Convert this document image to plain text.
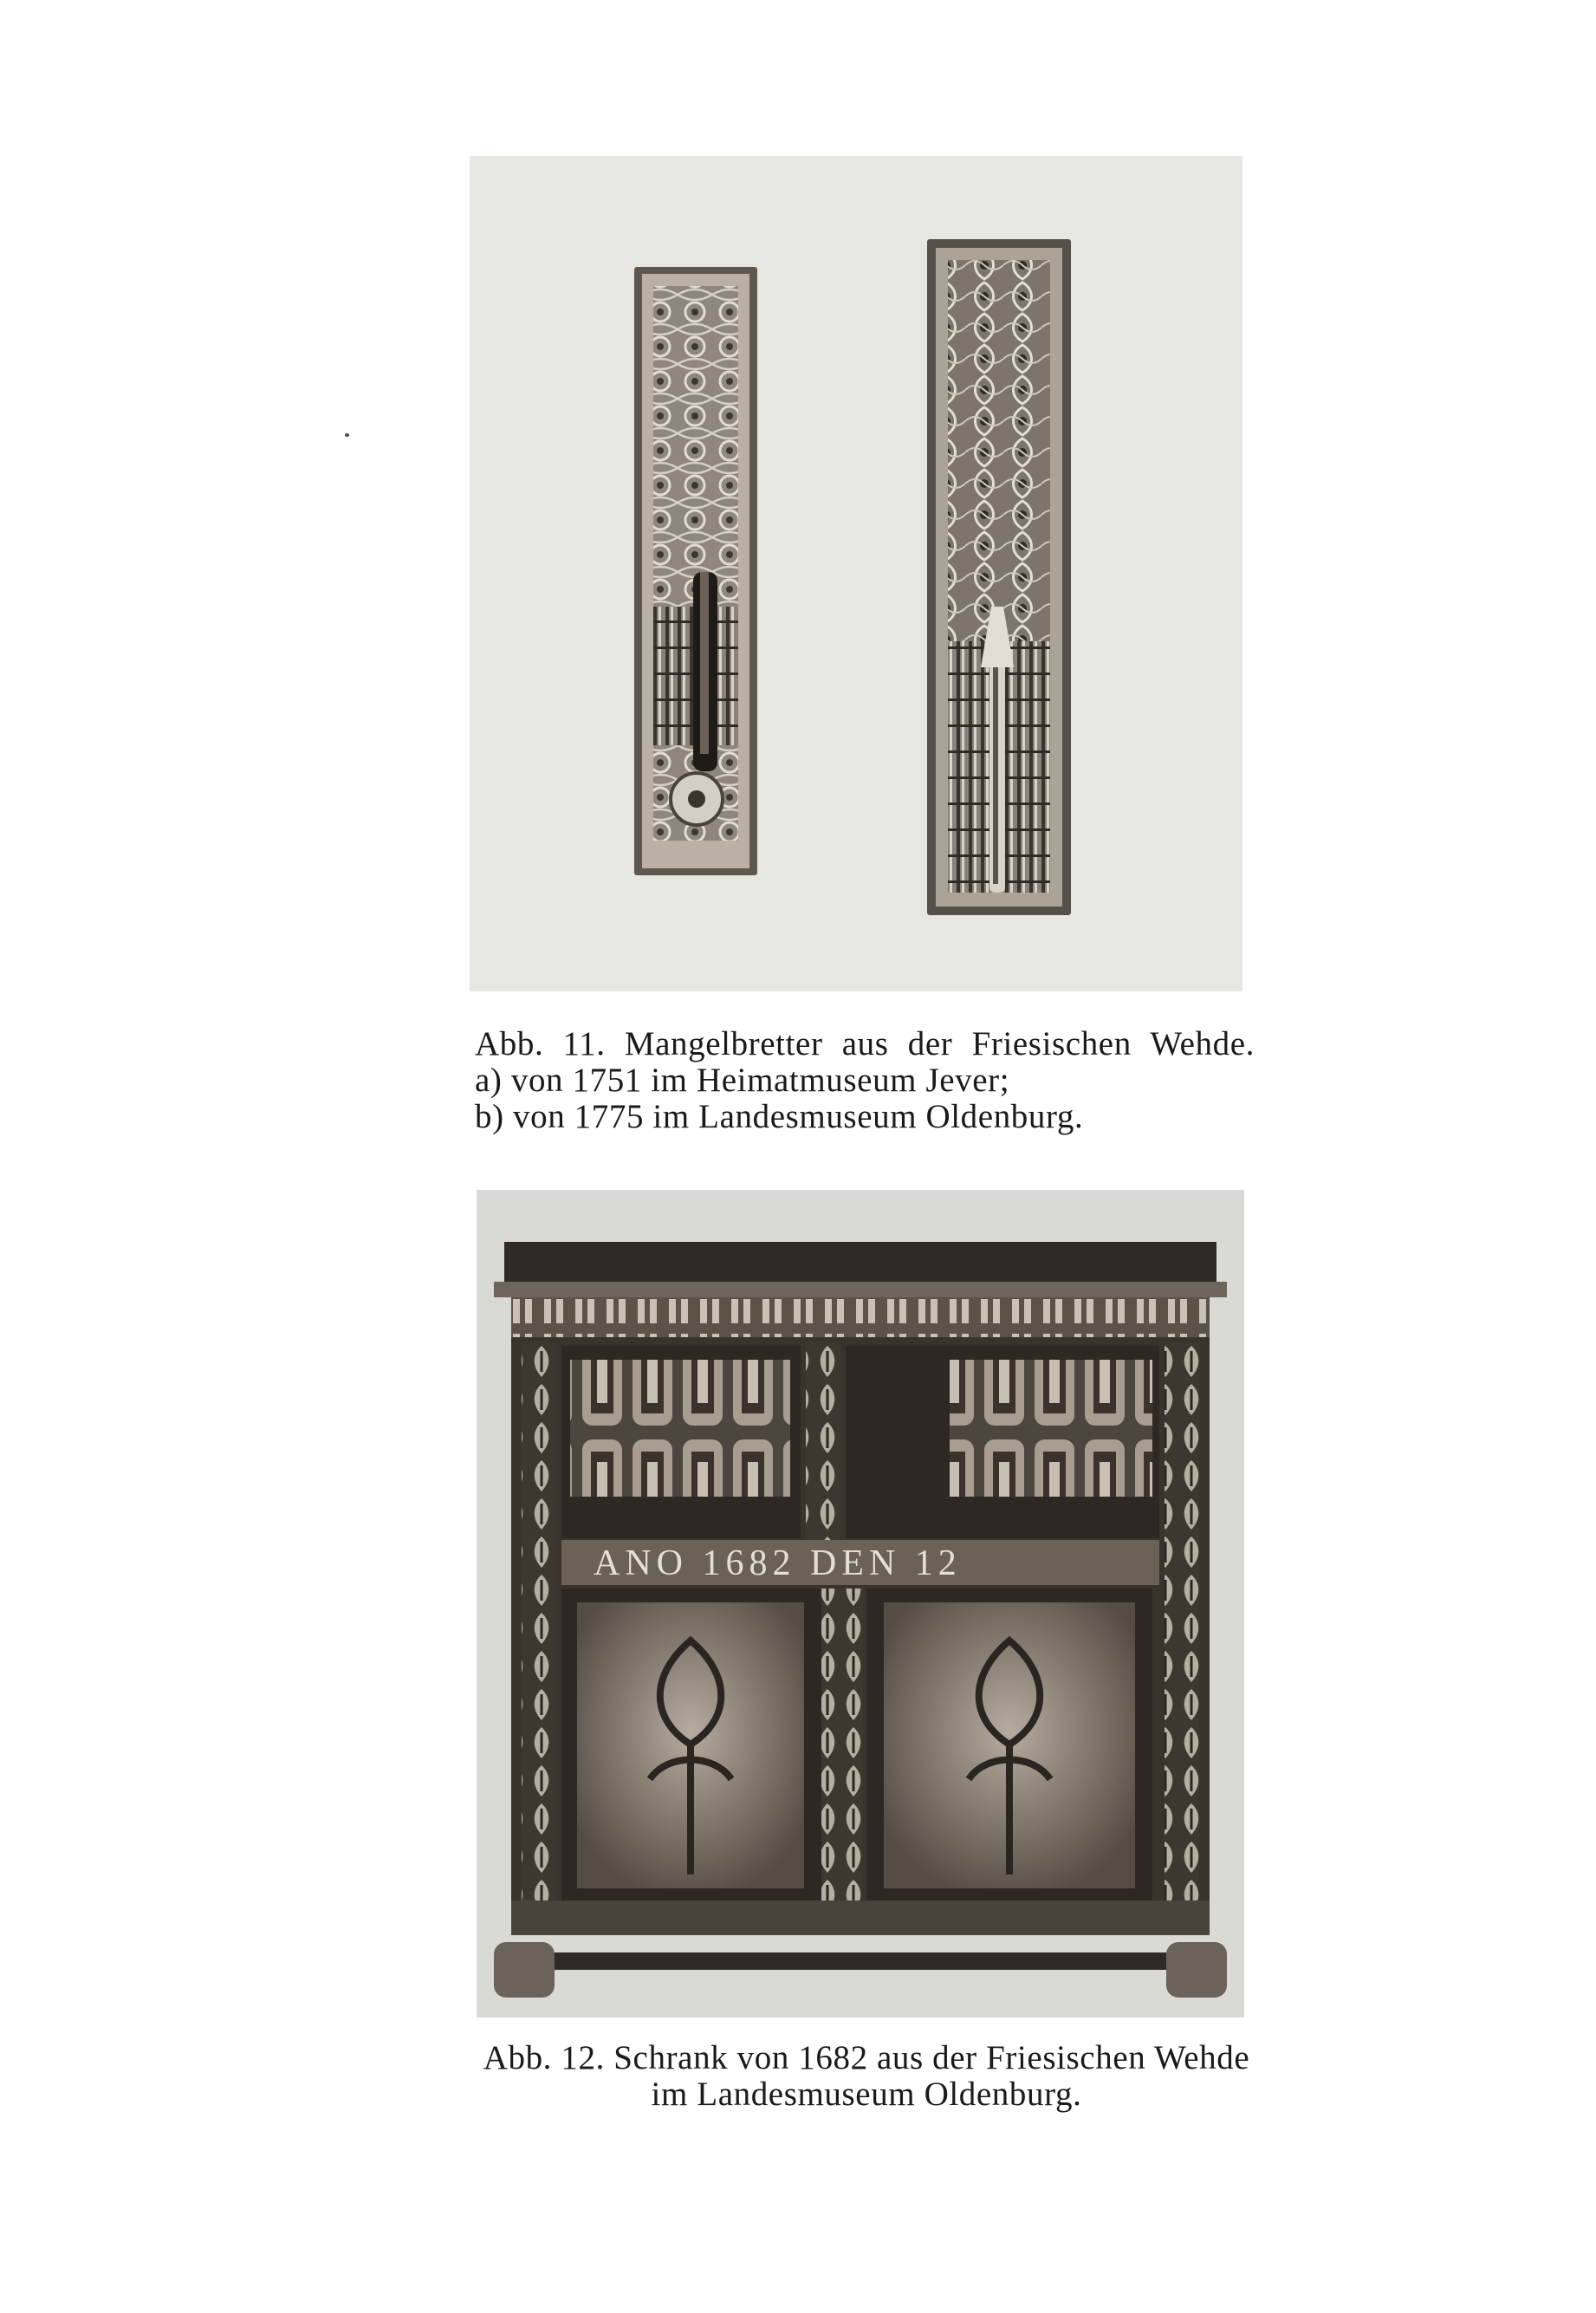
Abb. 11. Mangelbretter aus der Friesischen Wehde.
a) von 1751 im Heimatmuseum Jever;
b) von 1775 im Landesmuseum Oldenburg.
ANO 1682 DEN 12
Abb. 12. Schrank von 1682 aus der Friesischen Wehde
im Landesmuseum Oldenburg.
